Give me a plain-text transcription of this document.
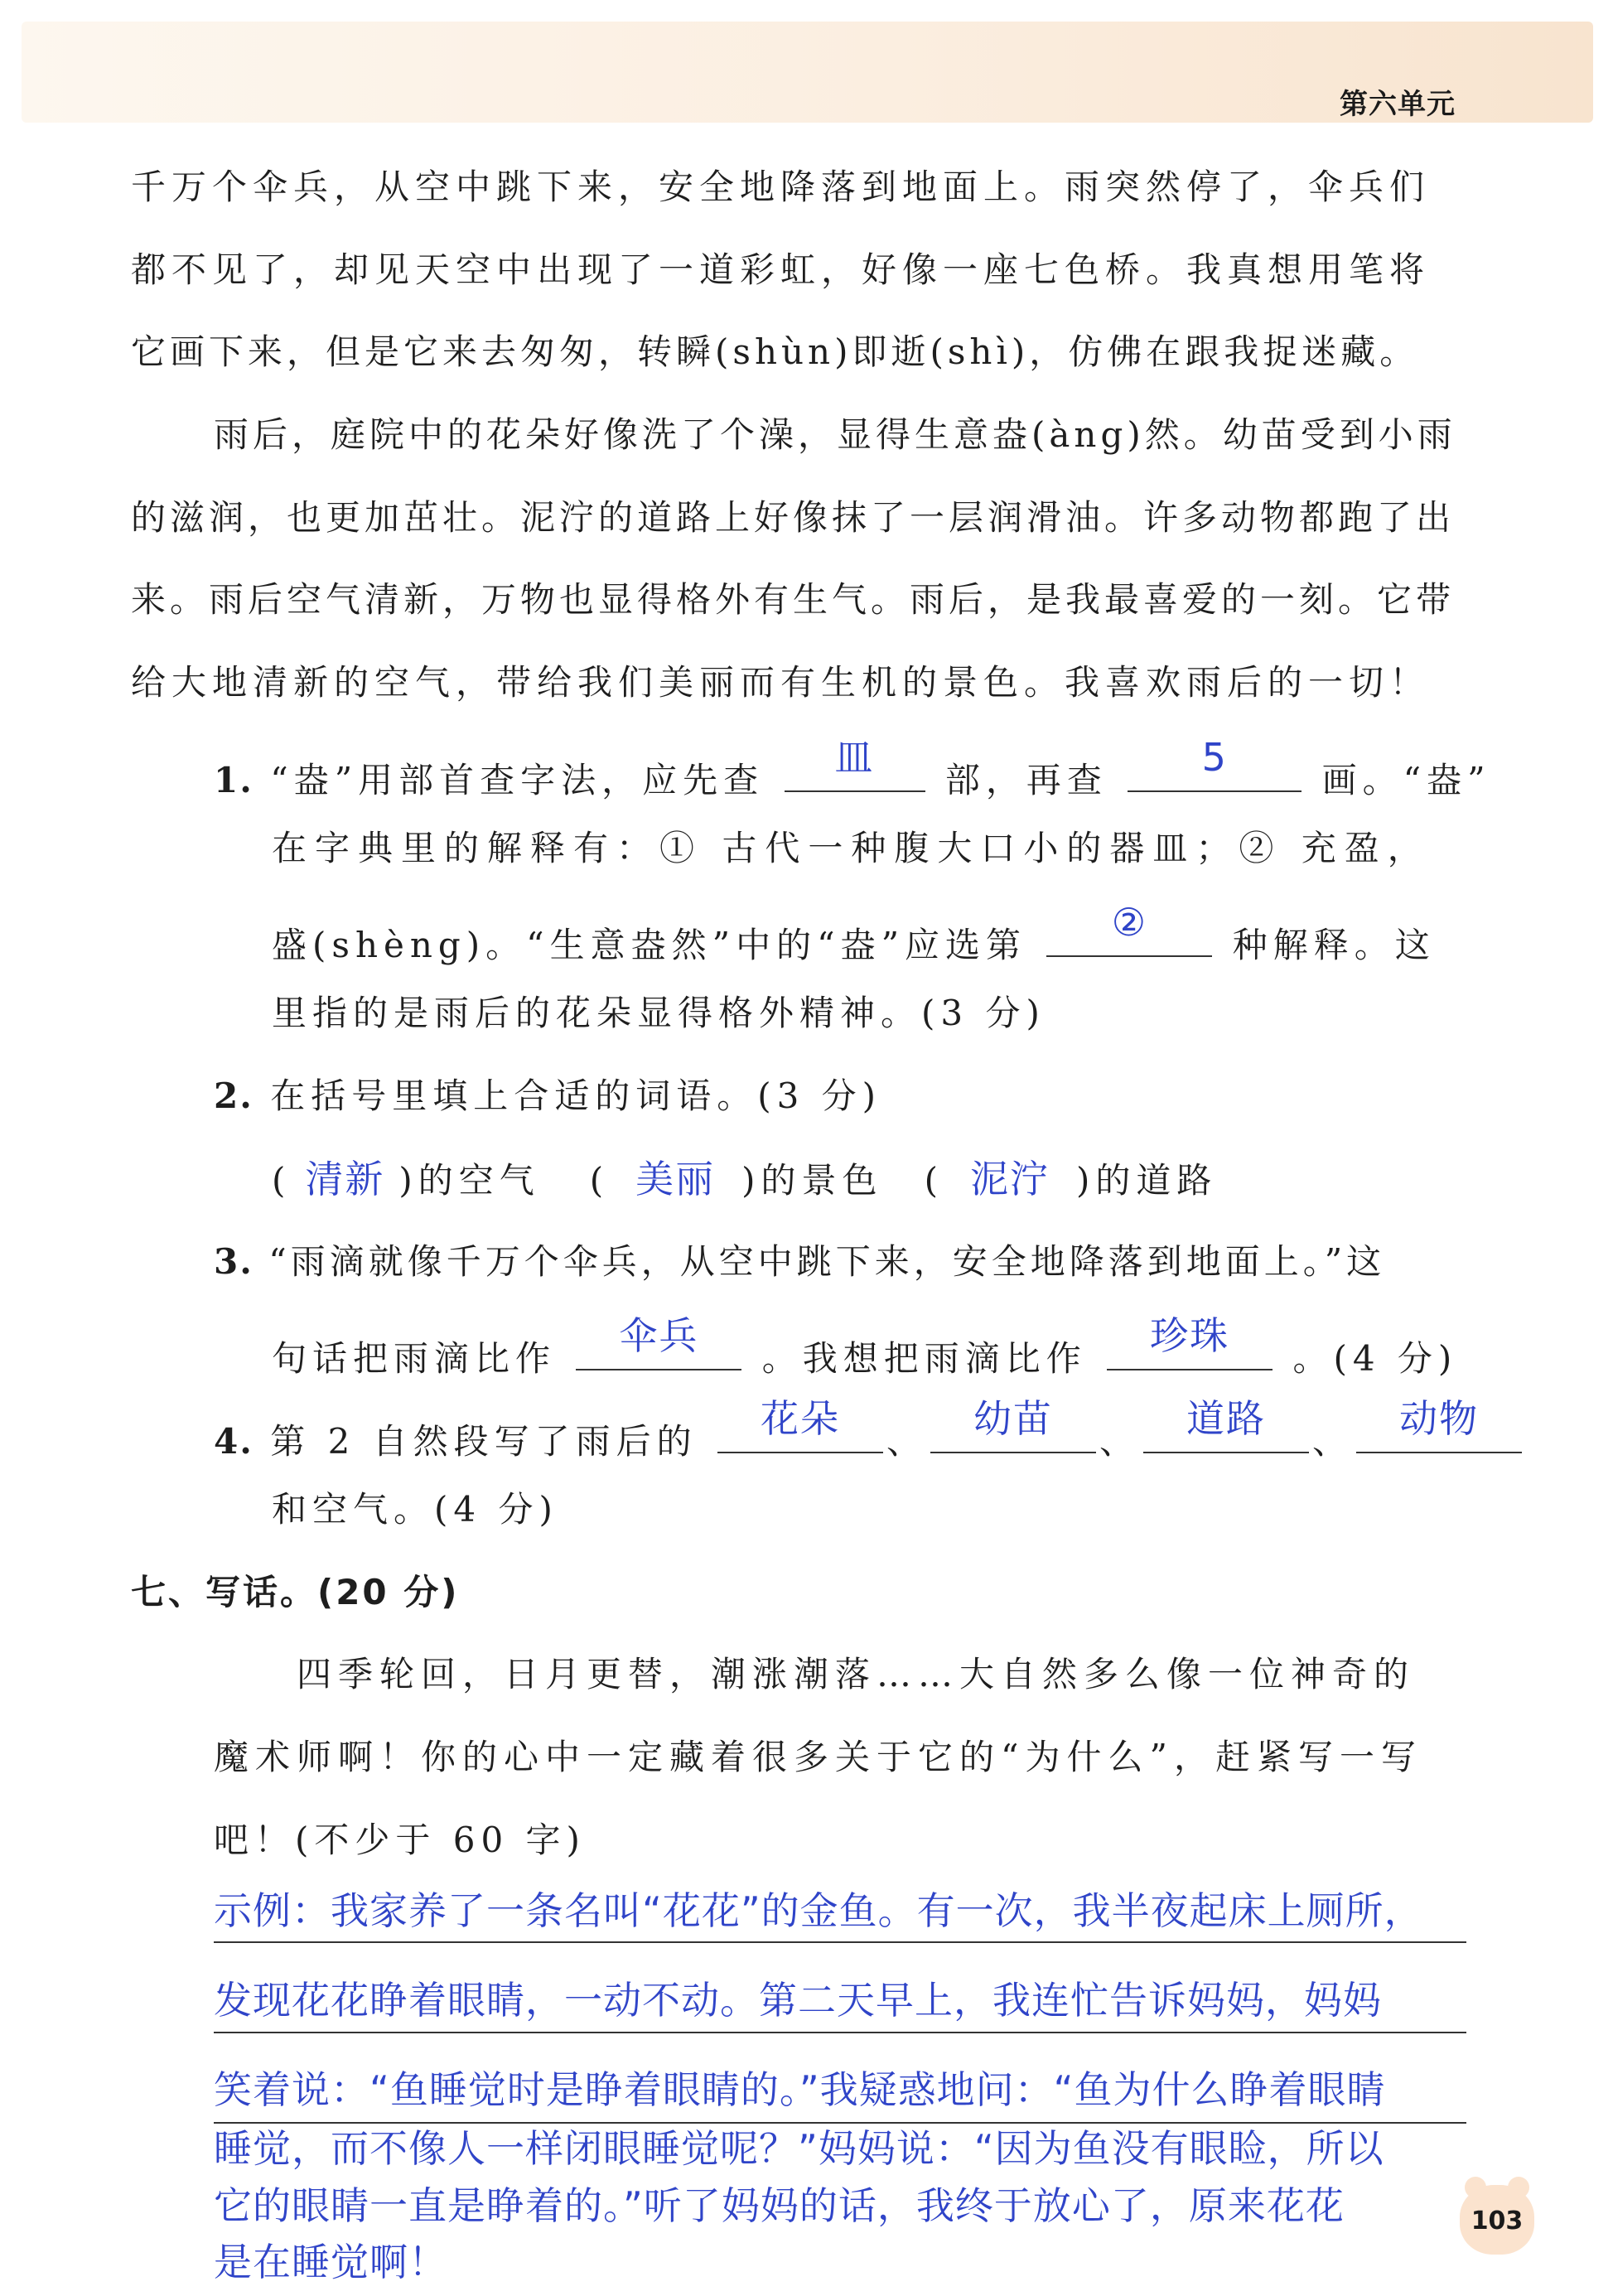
第六单元
千万个伞兵，从空中跳下来，安全地降落到地面上。雨突然停了，伞兵们
都不见了，却见天空中出现了一道彩虹，好像一座七色桥。我真想用笔将
它画下来，但是它来去匆匆，转瞬(shùn)即逝(shì)，仿佛在跟我捉迷藏。
雨后，庭院中的花朵好像洗了个澡，显得生意盎(àng)然。幼苗受到小雨
的滋润，也更加茁壮。泥泞的道路上好像抹了一层润滑油。许多动物都跑了出
来。雨后空气清新，万物也显得格外有生气。雨后，是我最喜爱的一刻。它带
给大地清新的空气，带给我们美丽而有生机的景色。我喜欢雨后的一切！
1. “盎”用部首查字法，应先查
皿
部，再查
5
画。“盎”
在字典里的解释有：① 古代一种腹大口小的器皿；② 充盈，
盛(shèng)。“生意盎然”中的“盎”应选第
②
种解释。这
里指的是雨后的花朵显得格外精神。(3 分)
2. 在括号里填上合适的词语。(3 分)
( 清新 )的空气 ( 美丽 )的景色 ( 泥泞 )的道路
3. “雨滴就像千万个伞兵，从空中跳下来，安全地降落到地面上。”这
句话把雨滴比作
伞兵
。我想把雨滴比作
珍珠
。(4 分)
4. 第 2 自然段写了雨后的
花朵
、
幼苗
、
道路
、
动物
和空气。(4 分)
七、写话。(20 分)
四季轮回，日月更替，潮涨潮落……大自然多么像一位神奇的
魔术师啊！你的心中一定藏着很多关于它的“为什么”，赶紧写一写
吧！(不少于 60 字)
示例：我家养了一条名叫“花花”的金鱼。有一次，我半夜起床上厕所，
发现花花睁着眼睛，一动不动。第二天早上，我连忙告诉妈妈，妈妈
笑着说：“鱼睡觉时是睁着眼睛的。”我疑惑地问：“鱼为什么睁着眼睛
睡觉，而不像人一样闭眼睡觉呢？”妈妈说：“因为鱼没有眼睑，所以
它的眼睛一直是睁着的。”听了妈妈的话，我终于放心了，原来花花
是在睡觉啊！
103
